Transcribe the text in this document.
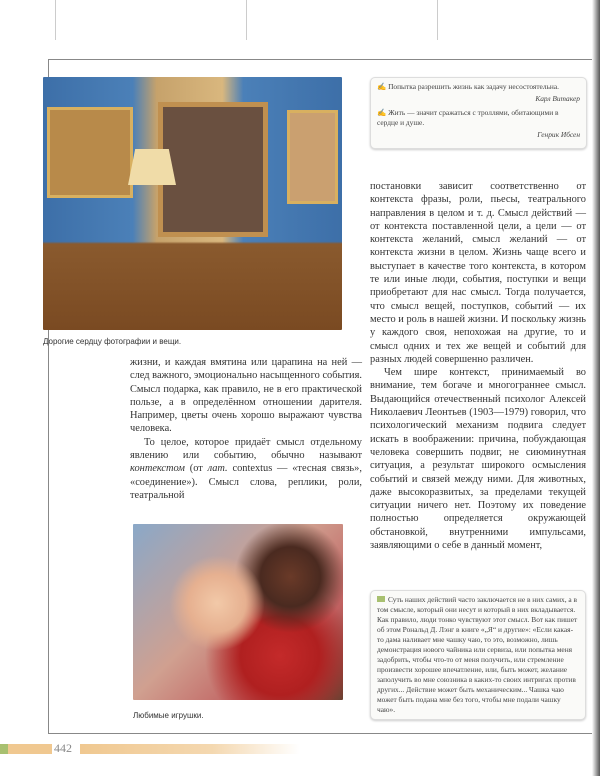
Дорогие сердцу фотографии и вещи.

жизни, и каждая вмятина или царапина на ней — след важного, эмоционально насыщенного события. Смысл подарка, как правило, не в его практической пользе, а в определённом отношении дарителя. Например, цветы очень хорошо выражают чувства человека.

То целое, которое придаёт смысл отдельному явлению или событию, обычно называют контекстом (от лат. contextus — «тесная связь», «соединение»). Смысл слова, реплики, роли, театральной

Любимые игрушки.
✍ Попытка разрешить жизнь как задачу несостоятельна.
Карл Витакер
✍ Жить — значит сражаться с троллями, обитающими в сердце и душе.
Генрик Ибсен

постановки зависит соответственно от контекста фразы, роли, пьесы, театрального направления в целом и т. д. Смысл действий — от контекста поставленной цели, а цели — от контекста желаний, смысл желаний — от контекста жизни в целом. Жизнь чаще всего и выступает в качестве того контекста, в котором те или иные люди, события, поступки и вещи приобретают для нас смысл. Тогда получается, что смысл вещей, поступков, событий — их место и роль в нашей жизни. И поскольку жизнь у каждого своя, непохожая на другие, то и смысл одних и тех же вещей и событий для разных людей совершенно различен.

Чем шире контекст, принимаемый во внимание, тем богаче и многограннее смысл. Выдающийся отечественный психолог Алексей Николаевич Леонтьев (1903—1979) говорил, что психологический механизм подвига следует искать в воображении: причина, побуждающая человека совершить подвиг, не сиюминутная ситуация, а результат широкого осмысления событий и связей между ними. Для животных, даже высокоразвитых, за пределами текущей ситуации ничего нет. Поэтому их поведение полностью определяется окружающей обстановкой, внутренними импульсами, заявляющими о себе в данный момент,

Суть наших действий часто заключается не в них самих, а в том смысле, который они несут и который в них вкладывается. Как правило, люди тонко чувствуют этот смысл. Вот как пишет об этом Рональд Д. Лэнг в книге «„Я“ и другие»: «Если какая-то дама наливает мне чашку чаю, то это, возможно, лишь демонстрация нового чайника или сервиза, или попытка меня задобрить, чтобы что-то от меня получить, или стремление произвести хорошее впечатление, или, быть может, желание заполучить во мне союзника в каких-то своих интригах против других... Действие может быть механическим... Чашка чаю может быть подана мне без того, чтобы мне подали чашку чаю».
442
